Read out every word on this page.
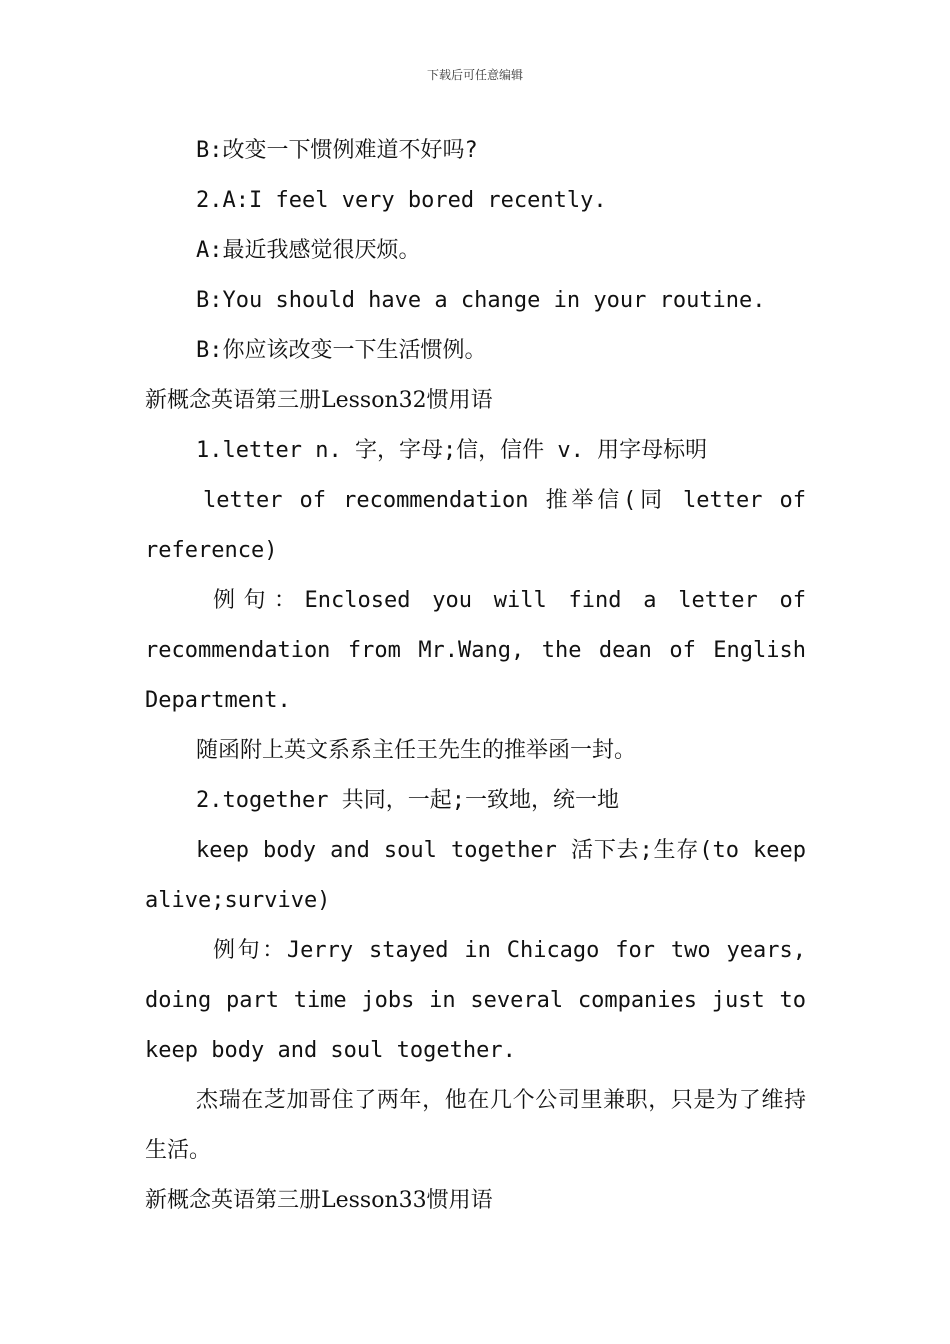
下载后可任意编辑
B:改变一下惯例难道不好吗?
2.A:I feel very bored recently.
A:最近我感觉很厌烦。
B:You should have a change in your routine.
B:你应该改变一下生活惯例。
新概念英语第三册Lesson32惯用语
1.letter n. 字，字母;信，信件 v. 用字母标明
letter of recommendation 推举信(同 letter of reference)
例句：Enclosed you will find a letter of recommendation from Mr.Wang, the dean of English Department.
随函附上英文系系主任王先生的推举函一封。
2.together 共同，一起;一致地，统一地
keep body and soul together 活下去;生存(to keep alive;survive)
例句：Jerry stayed in Chicago for two years, doing part time jobs in several companies just to keep body and soul together.
杰瑞在芝加哥住了两年，他在几个公司里兼职，只是为了维持生活。
新概念英语第三册Lesson33惯用语
